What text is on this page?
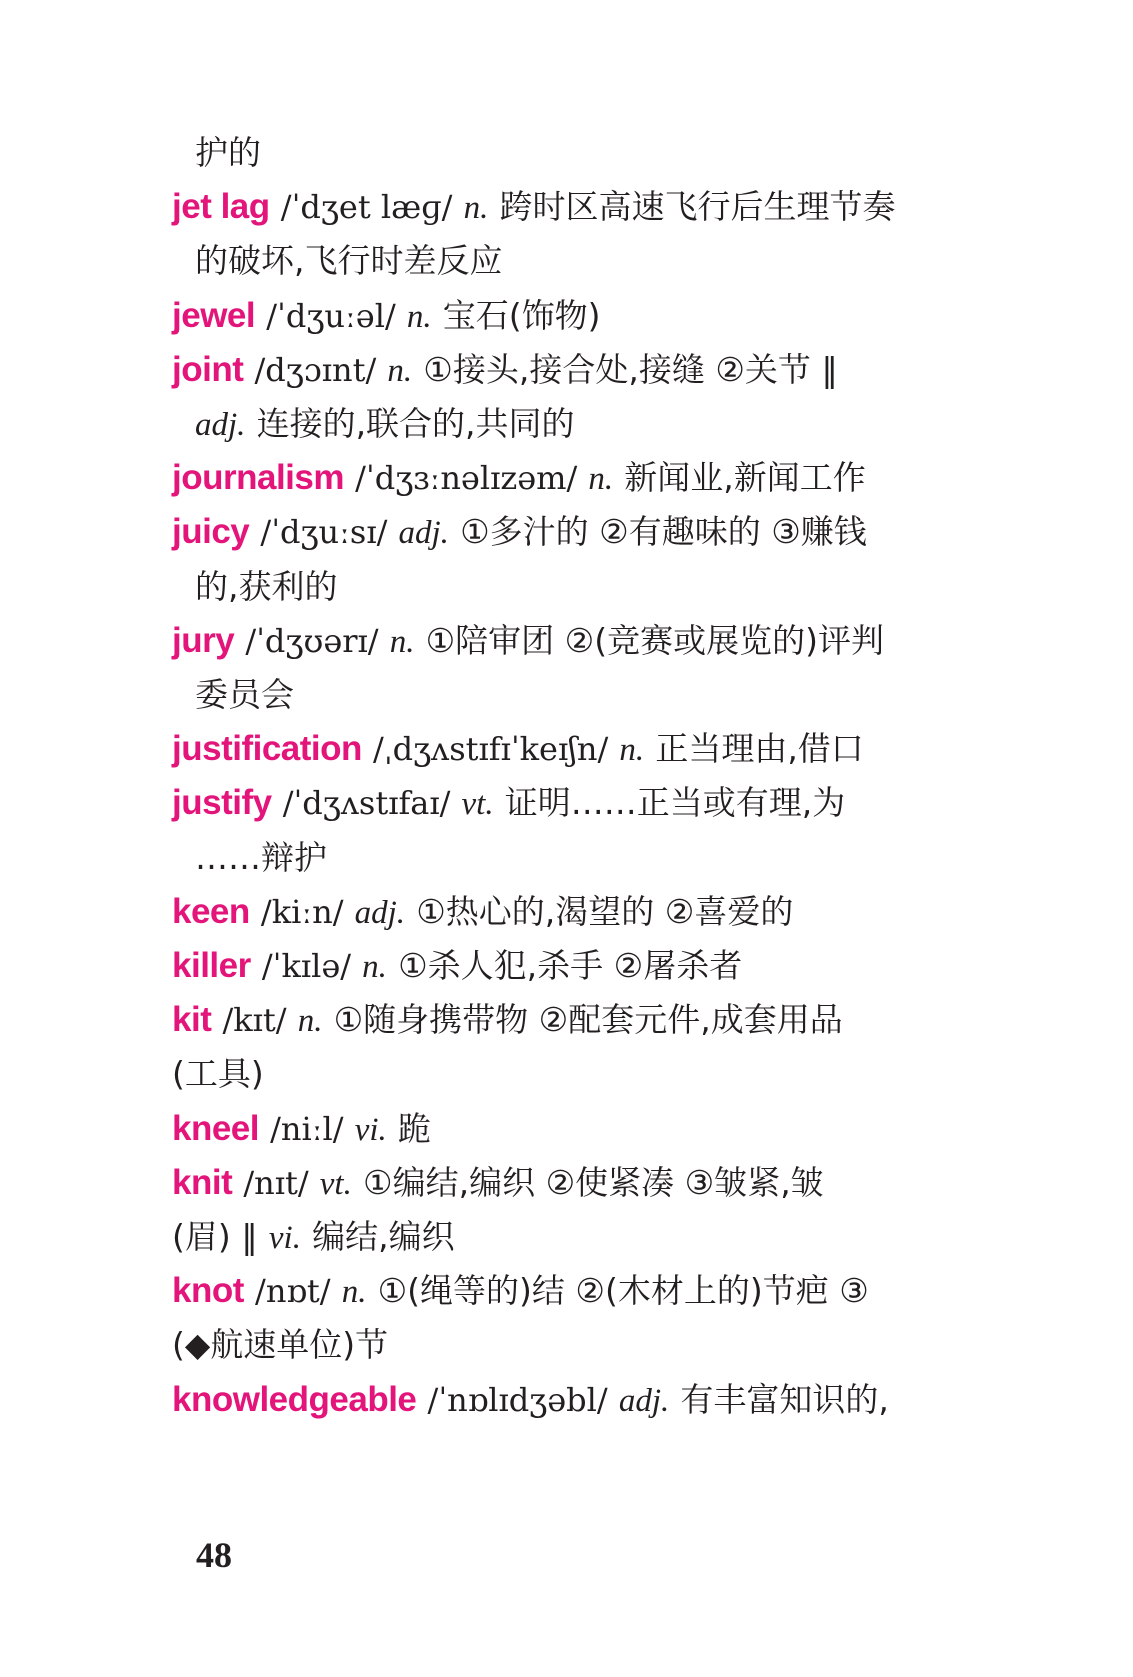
护的
jet lag /ˈdʒet læɡ/ n. 跨时区高速飞行后生理节奏
的破坏,飞行时差反应
jewel /ˈdʒuːəl/ n. 宝石(饰物)
joint /dʒɔɪnt/ n. ①接头,接合处,接缝 ②关节 ‖
adj. 连接的,联合的,共同的
journalism /ˈdʒɜːnəlɪzəm/ n. 新闻业,新闻工作
juicy /ˈdʒuːsɪ/ adj. ①多汁的 ②有趣味的 ③赚钱
的,获利的
jury /ˈdʒʊərɪ/ n. ①陪审团 ②(竞赛或展览的)评判
委员会
justification /ˌdʒʌstɪfɪˈkeɪʃn/ n. 正当理由,借口
justify /ˈdʒʌstɪfaɪ/ vt. 证明……正当或有理,为
……辩护
keen /kiːn/ adj. ①热心的,渴望的 ②喜爱的
killer /ˈkɪlə/ n. ①杀人犯,杀手 ②屠杀者
kit /kɪt/ n. ①随身携带物 ②配套元件,成套用品
(工具)
kneel /niːl/ vi. 跪
knit /nɪt/ vt. ①编结,编织 ②使紧凑 ③皱紧,皱
(眉) ‖ vi. 编结,编织
knot /nɒt/ n. ①(绳等的)结 ②(木材上的)节疤 ③
(◆航速单位)节
knowledgeable /ˈnɒlɪdʒəbl/ adj. 有丰富知识的,
48
